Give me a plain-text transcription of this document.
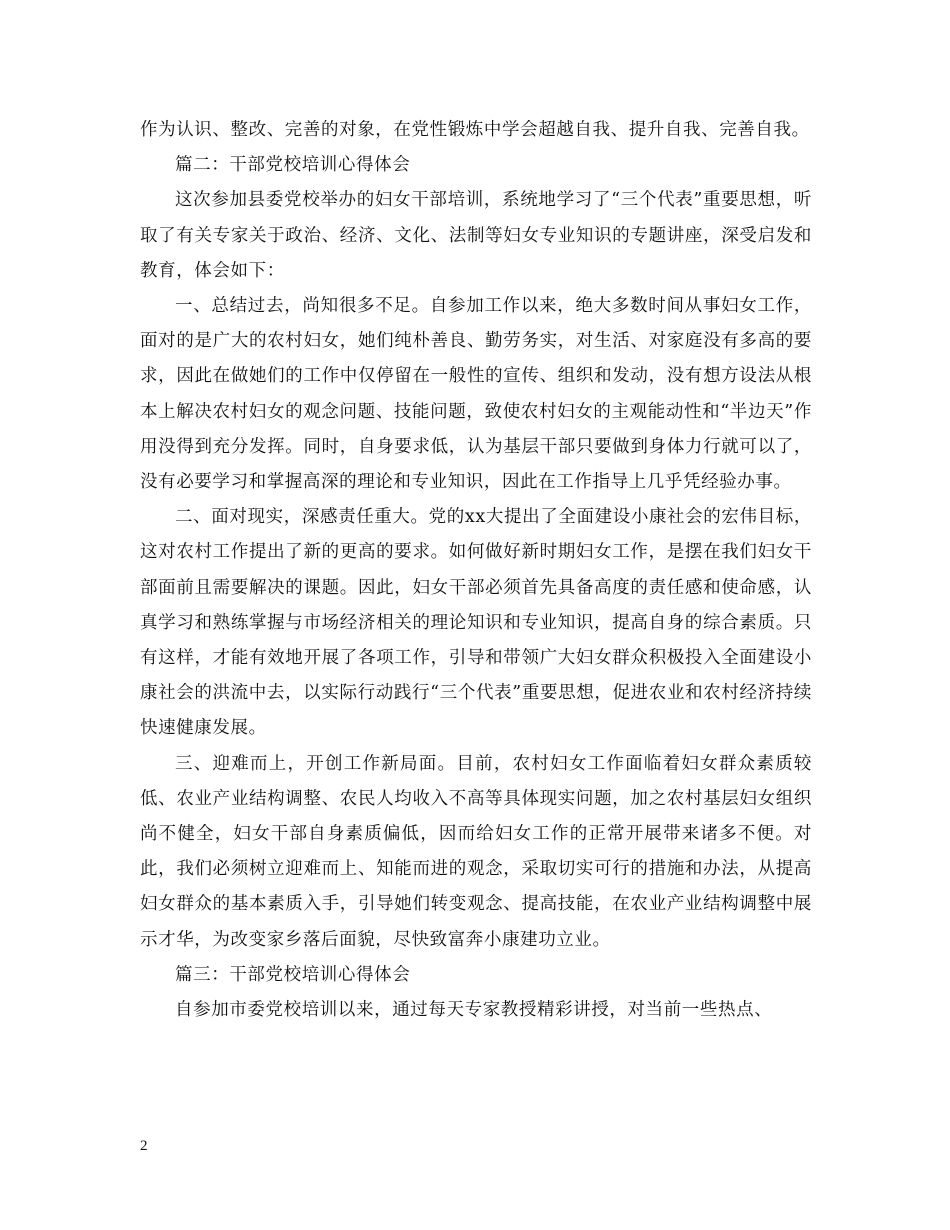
作为认识、整改、完善的对象，在党性锻炼中学会超越自我、提升自我、完善自我。

篇二：干部党校培训心得体会

这次参加县委党校举办的妇女干部培训，系统地学习了“三个代表”重要思想，听取了有关专家关于政治、经济、文化、法制等妇女专业知识的专题讲座，深受启发和教育，体会如下：

一、总结过去，尚知很多不足。自参加工作以来，绝大多数时间从事妇女工作，面对的是广大的农村妇女，她们纯朴善良、勤劳务实，对生活、对家庭没有多高的要求，因此在做她们的工作中仅停留在一般性的宣传、组织和发动，没有想方设法从根本上解决农村妇女的观念问题、技能问题，致使农村妇女的主观能动性和“半边天”作用没得到充分发挥。同时，自身要求低，认为基层干部只要做到身体力行就可以了，没有必要学习和掌握高深的理论和专业知识，因此在工作指导上几乎凭经验办事。

二、面对现实，深感责任重大。党的xx大提出了全面建设小康社会的宏伟目标，这对农村工作提出了新的更高的要求。如何做好新时期妇女工作，是摆在我们妇女干部面前且需要解决的课题。因此，妇女干部必须首先具备高度的责任感和使命感，认真学习和熟练掌握与市场经济相关的理论知识和专业知识，提高自身的综合素质。只有这样，才能有效地开展了各项工作，引导和带领广大妇女群众积极投入全面建设小康社会的洪流中去，以实际行动践行“三个代表”重要思想，促进农业和农村经济持续快速健康发展。

三、迎难而上，开创工作新局面。目前，农村妇女工作面临着妇女群众素质较低、农业产业结构调整、农民人均收入不高等具体现实问题，加之农村基层妇女组织尚不健全，妇女干部自身素质偏低，因而给妇女工作的正常开展带来诸多不便。对此，我们必须树立迎难而上、知能而进的观念，采取切实可行的措施和办法，从提高妇女群众的基本素质入手，引导她们转变观念、提高技能，在农业产业结构调整中展示才华，为改变家乡落后面貌，尽快致富奔小康建功立业。

篇三：干部党校培训心得体会

自参加市委党校培训以来，通过每天专家教授精彩讲授，对当前一些热点、

2
